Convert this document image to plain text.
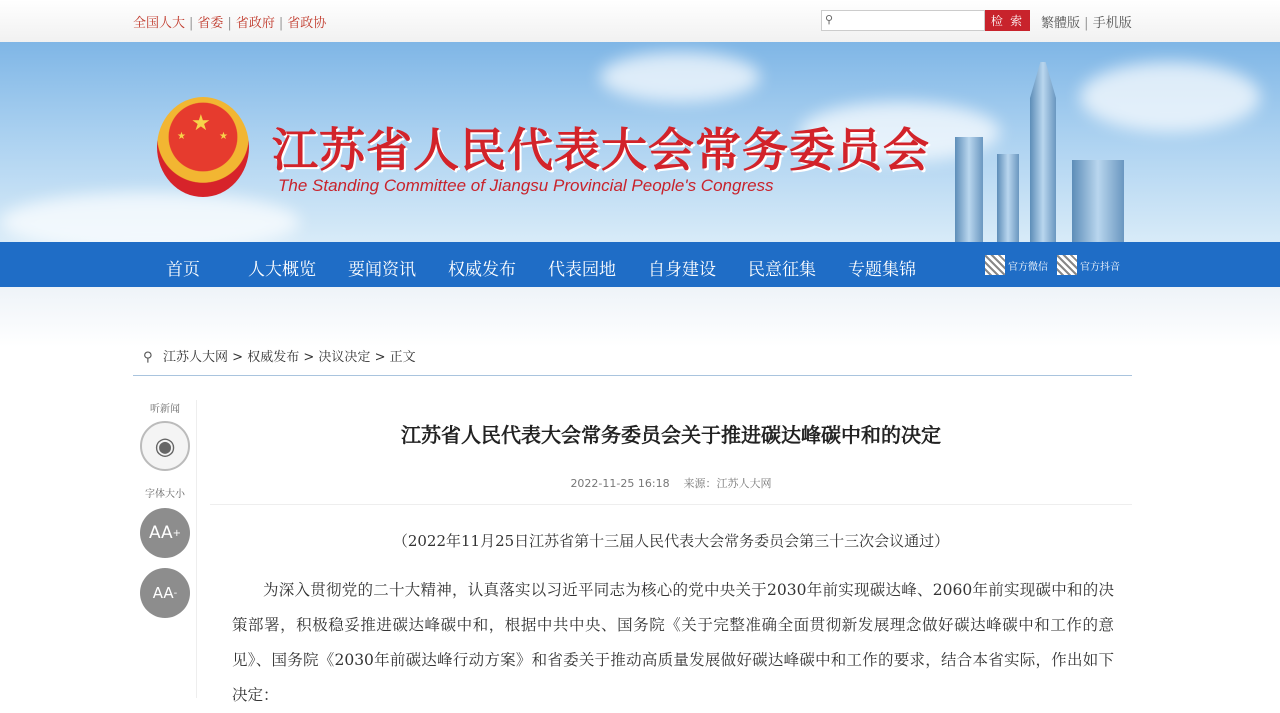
全国人大 | 省委 | 省政府 | 省政协	⚲	检 索	繁體版 | 手机版
★
★	★ 江苏省人民代表大会常务委员会
The Standing Committee of Jiangsu Provincial People's Congress
首页	人大概览 要闻资讯 权威发布 代表园地 自身建设 民意征集 专题集锦	官方微信	官方抖音
⚲ 江苏人大网 > 权威发布 > 决议决定 > 正文
听新闻
◉
字体大小
AA +
AA -
江苏省人民代表大会常务委员会关于推进碳达峰碳中和的决定
2022-11-25 16:18 来源：江苏人大网
（2022年11月25日江苏省第十三届人民代表大会常务委员会第三十三次会议通过）

为深入贯彻党的二十大精神，认真落实以习近平同志为核心的党中央关于2030年前实现碳达峰、2060年前实现碳中和的决策部署，积极稳妥推进碳达峰碳中和，根据中共中央、国务院《关于完整准确全面贯彻新发展理念做好碳达峰碳中和工作的意见》、国务院《2030年前碳达峰行动方案》和省委关于推动高质量发展做好碳达峰碳中和工作的要求，结合本省实际，作出如下决定：
